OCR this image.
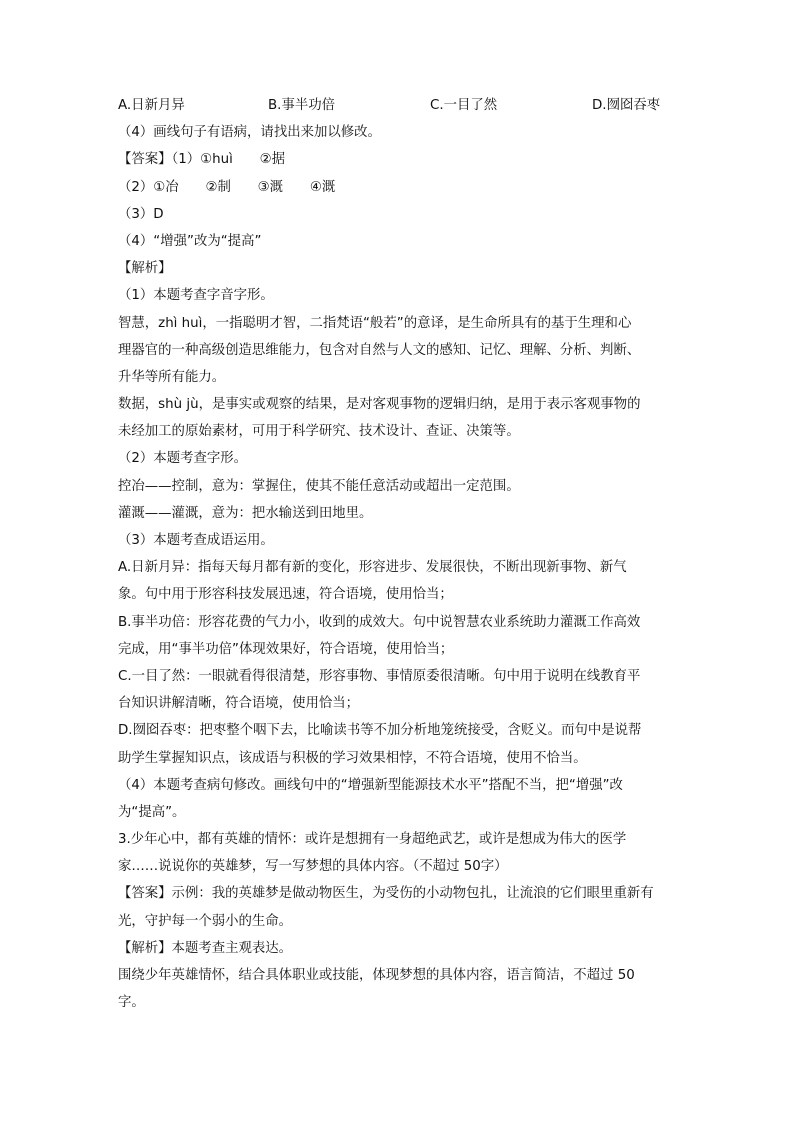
A.日新月异	B.事半功倍	C.一目了然	D.囫囵吞枣
（4）画线句子有语病，请找出来加以修改。
【答案】（1）①huì　　②据
（2）①冶　　②制　　③溉　　④溉
（3）D
（4）“增强”改为“提高”
【解析】
（1）本题考查字音字形。
智慧，zhì huì，一指聪明才智，二指梵语“般若”的意译，是生命所具有的基于生理和心
理器官的一种高级创造思维能力，包含对自然与人文的感知、记忆、理解、分析、判断、
升华等所有能力。
数据，shù jù，是事实或观察的结果，是对客观事物的逻辑归纳，是用于表示客观事物的
未经加工的原始素材，可用于科学研究、技术设计、查证、决策等。
（2）本题考查字形。
控冶——控制，意为：掌握住，使其不能任意活动或超出一定范围。
灌溉——灌溉，意为：把水输送到田地里。
（3）本题考查成语运用。
A.日新月异：指每天每月都有新的变化，形容进步、发展很快，不断出现新事物、新气
象。句中用于形容科技发展迅速，符合语境，使用恰当；
B.事半功倍：形容花费的气力小，收到的成效大。句中说智慧农业系统助力灌溉工作高效
完成，用“事半功倍”体现效果好，符合语境，使用恰当；
C.一目了然：一眼就看得很清楚，形容事物、事情原委很清晰。句中用于说明在线教育平
台知识讲解清晰，符合语境，使用恰当；
D.囫囵吞枣：把枣整个咽下去，比喻读书等不加分析地笼统接受，含贬义。而句中是说帮
助学生掌握知识点，该成语与积极的学习效果相悖，不符合语境，使用不恰当。
（4）本题考查病句修改。画线句中的“增强新型能源技术水平”搭配不当，把“增强”改
为“提高”。
3.少年心中，都有英雄的情怀：或许是想拥有一身超绝武艺，或许是想成为伟大的医学
家……说说你的英雄梦，写一写梦想的具体内容。（不超过 50字）
【答案】示例：我的英雄梦是做动物医生，为受伤的小动物包扎，让流浪的它们眼里重新有
光，守护每一个弱小的生命。
【解析】本题考查主观表达。
围绕少年英雄情怀，结合具体职业或技能，体现梦想的具体内容，语言简洁，不超过 50
字。
